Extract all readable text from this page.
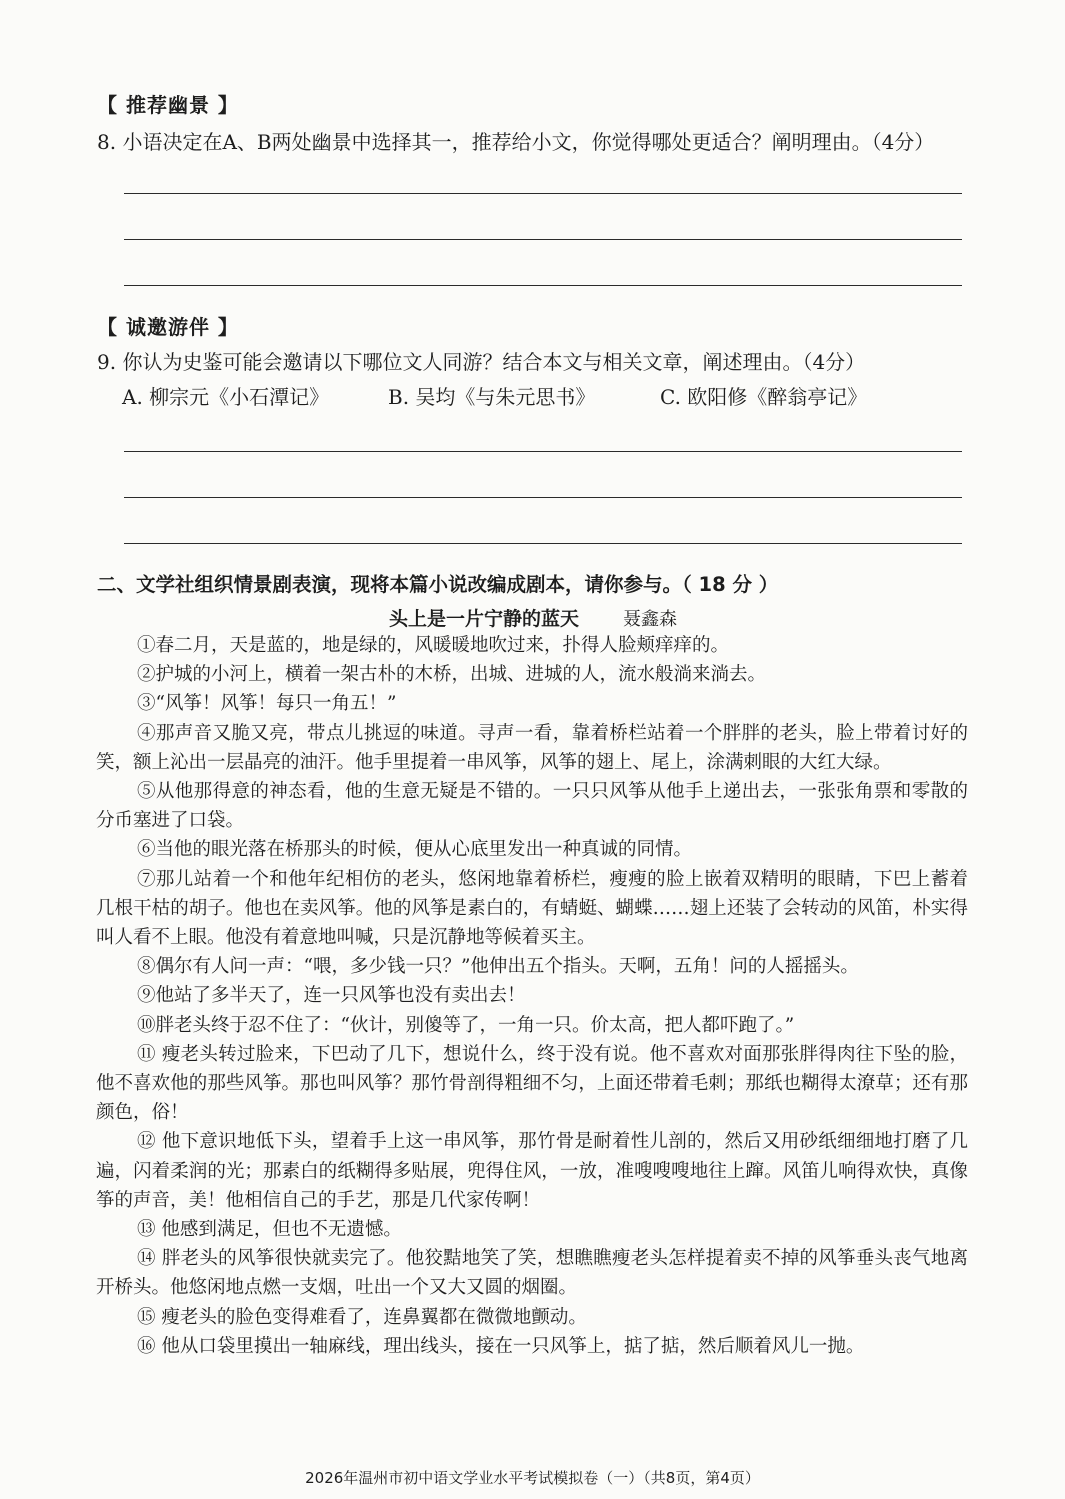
【 推荐幽景 】
8. 小语决定在A、B两处幽景中选择其一，推荐给小文，你觉得哪处更适合？阐明理由。（4分）
【 诚邀游伴 】
9. 你认为史鉴可能会邀请以下哪位文人同游？结合本文与相关文章，阐述理由。（4分）
A. 柳宗元《小石潭记》	B. 吴均《与朱元思书》	C. 欧阳修《醉翁亭记》
二、文学社组织情景剧表演，现将本篇小说改编成剧本，请你参与。（ 18 分 ）
头上是一片宁静的蓝天 聂鑫森

①春二月，天是蓝的，地是绿的，风暖暖地吹过来，扑得人脸颊痒痒的。

②护城的小河上，横着一架古朴的木桥，出城、进城的人，流水般淌来淌去。

③“风筝！风筝！每只一角五！”

④那声音又脆又亮，带点儿挑逗的味道。寻声一看，靠着桥栏站着一个胖胖的老头，脸上带着讨好的笑，额上沁出一层晶亮的油汗。他手里提着一串风筝，风筝的翅上、尾上，涂满刺眼的大红大绿。

⑤从他那得意的神态看，他的生意无疑是不错的。一只只风筝从他手上递出去，一张张角票和零散的分币塞进了口袋。

⑥当他的眼光落在桥那头的时候，便从心底里发出一种真诚的同情。

⑦那儿站着一个和他年纪相仿的老头，悠闲地靠着桥栏，瘦瘦的脸上嵌着双精明的眼睛，下巴上蓄着几根干枯的胡子。他也在卖风筝。他的风筝是素白的，有蜻蜓、蝴蝶……翅上还装了会转动的风笛，朴实得叫人看不上眼。他没有着意地叫喊，只是沉静地等候着买主。

⑧偶尔有人问一声：“喂，多少钱一只？”他伸出五个指头。天啊，五角！问的人摇摇头。

⑨他站了多半天了，连一只风筝也没有卖出去！

⑩胖老头终于忍不住了：“伙计，别傻等了，一角一只。价太高，把人都吓跑了。”

⑪ 瘦老头转过脸来，下巴动了几下，想说什么，终于没有说。他不喜欢对面那张胖得肉往下坠的脸，他不喜欢他的那些风筝。那也叫风筝？那竹骨剖得粗细不匀，上面还带着毛刺；那纸也糊得太潦草；还有那颜色，俗！

⑫ 他下意识地低下头，望着手上这一串风筝，那竹骨是耐着性儿剖的，然后又用砂纸细细地打磨了几遍，闪着柔润的光；那素白的纸糊得多贴展，兜得住风，一放，准嗖嗖嗖地往上蹿。风笛儿响得欢快，真像筝的声音，美！他相信自己的手艺，那是几代家传啊！

⑬ 他感到满足，但也不无遗憾。

⑭ 胖老头的风筝很快就卖完了。他狡黠地笑了笑，想瞧瞧瘦老头怎样提着卖不掉的风筝垂头丧气地离开桥头。他悠闲地点燃一支烟，吐出一个又大又圆的烟圈。

⑮ 瘦老头的脸色变得难看了，连鼻翼都在微微地颤动。

⑯ 他从口袋里摸出一轴麻线，理出线头，接在一只风筝上，掂了掂，然后顺着风儿一抛。

2026年温州市初中语文学业水平考试模拟卷（一）（共8页，第4页）
